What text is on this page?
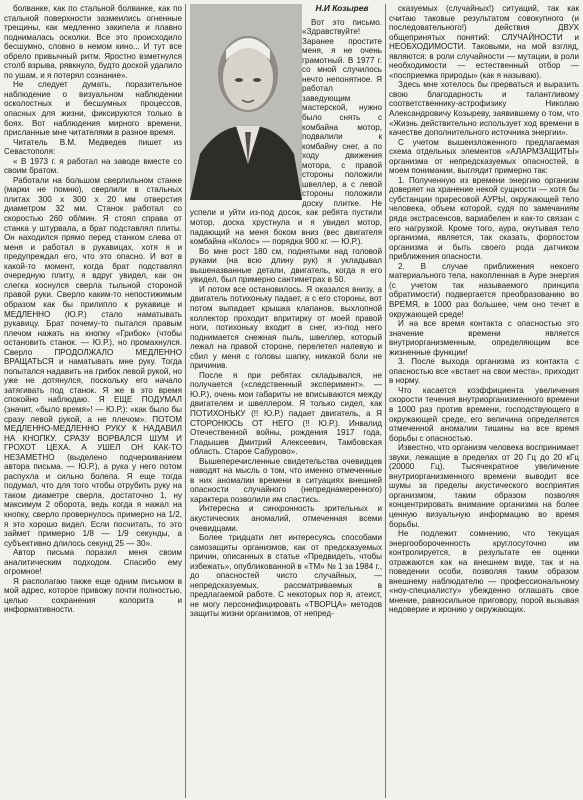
болванке, как по стальной болванке, как по стальной поверхности зазмеились огненные трещины, как медленно закипела и плавно поднималась осколки. Все это происходило бесшумно, словно в немом кино... И тут все обрело привычный ритм. Яростно взметнулся столб взрыва, рявкнуло, будто доской удалило по ушам, и я потерял сознание».

Не следует думать, поразительное наблюдение о визуальном наблюдении осколостных и бесшумных процессов, опасных для жизни, фиксируются только в боях. Вот наблюдения мирного времени, присланные мне читателями в разное время.

Читатель В.М. Медведев пишет из Севастополя:

« В 1973 г. я работал на заводе вместе со своим братом.

Работали на большом сверлильном станке (марки не помню), сверлили в стальных плитах 300 х 300 х 20 мм отверстия диаметром 32 мм. Станок работал со скоростью 260 об/мин. Я стоял справа от станка у штурвала, а брат подставлял плиты. Он находился прямо перед станком слева от меня и работал в рукавицах, хотя я и предупреждал его, что это опасно. И вот в какой-то момент, когда брат подставлял очередную плиту, я вдруг увидел, как он слегка коснулся сверла тыльной стороной правой руки. Сверло каким-то непостижимым образом как бы прилипло к рукавице и МЕДЛЕННО (Ю.Р.) стало наматывать рукавицу. Брат почему-то пытался правым плечом нажать на кнопку «Грибок» (чтобы остановить станок. — Ю.Р.), но промахнулся. Сверло ПРОДОЛЖАЛО МЕДЛЕННО ВРАЩАТЬСЯ и наматывать мне руку. Тогда попытался надавить на грибок левой рукой, но уже не дотянулся, поскольку его начало затягивать под станок. Я же в это время спокойно наблюдаю. Я ЕЩЕ ПОДУМАЛ (значит, «было время»! — Ю.Р.): «как было бы сразу левой рукой, а не плечом». ПОТОМ МЕДЛЕННО-МЕДЛЕННО РУКУ К НАДАВИЛ НА КНОПКУ. СРАЗУ ВОРВАЛСЯ ШУМ И ГРОХОТ ЦЕХА. А УШЕЛ ОН КАК-ТО НЕЗАМЕТНО (выделено подчеркиванием автора письма. — Ю.Р.), а рука у него потом распухла и сильно болела. Я еще тогда подумал, что для того чтобы отрубить руку на таком диаметре сверла, достаточно 1, ну максимум 2 оборота, ведь когда я нажал на кнопку, сверло провернулось примерно на 1/2, я это хорошо видел. Если посчитать, то это займет примерно 1/8 — 1/9 секунды, а субъективно длилось секунд 25 — 30».

Автор письма поразил меня своим аналитическим подходом. Спасибо ему огромное!

Я располагаю также еще одним письмом в мой адрес, которое привожу почти полностью, целью сохранения колорита и информативности.

Н.И Козырев

Вот это письмо. «Здравствуйте! Заранее простите меня, я не очень грамотный. В 1977 г. со мной случилось нечто непонятное. Я работал заведующим мастерской, нужно было снять с комбайна мотор, подвалили к комбайну снег, а по ходу движения мотора, с правой стороны положили швеллер, а с левой стороны положили доску плитке. Не успели и уйти из-под досок, как ребята пустили мотор, доска хрустнула и я увидел мотор, падающий на меня боком вниз (вес двигателя комбайна «Колос» — порядка 900 кг. — Ю.Р.).

Во мне рост 180 см, поднятыми над головой руками (на всю длину рук) я укладывал вышеназванные детали, двигатель, когда я его увидел, был примерно сантиметрах в 50.

И потом все остановилось. Я оказался внизу, а двигатель потихоньку падает, а с его стороны, вот потом выпадает крышка клапанов, выхлопной коллектор проходит впритирку от моей правой ноги, потихоньку входит в снег, из-под него поднимается снежная пыль, швеллер, который лежал на правой стороне, перелетел налевую и сбил у меня с головы шапку, никакой боли не причинив.

После я при ребятах складывался, не получается («следственный эксперимент». — Ю.Р.), очень мои габариты не вписываются между двигателем и швеллером. Я только сидел, как ПОТИХОНЬКУ (!! Ю.Р.) падает двигатель, а Я СТОРОНЮСЬ ОТ НЕГО (!! Ю.Р.). Инвалид Отечественной войны, рождения 1917 года, Гладышев Дмитрий Алексеевич, Тамбовская область. Старое Сабурово».

Вышеперечисленные свидетельства очевидцев наводят на мысль о том, что именно отмеченные в них аномалии времени в ситуациях внешней опасности случайного (непреднамеренного) характера позволили им спастись.

Интересна и синхронность зрительных и акустических аномалий, отмеченная всеми очевидцами.

Более тридцати лет интересуясь способами самозащиты организмов, как от предсказуемых причин, описанных в статье «Предвидеть, чтобы избежать», опубликованной в «ТМ» № 1 за 1984 г., до опасностей чисто случайных, — непредсказуемых, рассматриваемых в предлагаемой работе. С некоторых пор я, атеист, не могу персонифицировать «ТВОРЦА» методов защиты жизни организмов, от непред-

сказуемых (случайных!) ситуаций, так как считаю таковые результатом совокупного (и последовательного!) действия ДВУХ общепринятых понятий: СЛУЧАЙНОСТИ и НЕОБХОДИМОСТИ. Таковыми, на мой взгляд, являются: в роли случайности — мутации, в роли необходимости — естественный отбор — «посприемка природы» (как я называю).

Здесь мне хотелось бы прерваться и выразить свою благодарность и талантливому соответственнику-астрофизику Николаю Александровичу Козыреву, заявившему о том, что «Жизнь действительно использует ход времени в качестве дополнительного источника энергии».

С учетом вышеизложенного предлагаемая схема отдельных элементов «АЛАРМЗАЩИТЫ» организма от непредсказуемых опасностей, в моем понимании, выглядит примерно так:

1. Полученную из времени энергию организм доверяет на хранение некой сущности — хотя бы субстанции приресовой АУРЫ, окружающей тело человека, объем которой, судя по замечаниям ряда экстрасенсов, вариабелен и как-то связан с его нагрузкой. Кроме того, аура, окутывая тело организма, является, так сказать, форпостом организма и быть своего рода датчиком приближения опасности.

2. В случае приближения некоего материального тела, накопленная в Ауре энергия (с учетом так называемого принципа обратимости) подвергается преобразованию во ВРЕМЯ, в 1000 раз большее, чем оно течет в окружающей среде!

И на все время контакта с опасностью это значение времени является внутриорганизменным, определяющим все жизненные функции!

3. После выхода организма из контакта с опасностью все «встает на свои места», приходит в норму.

Что касается коэффициента увеличения скорости течения внутриорганизменного времени в 1000 раз против времени, господствующего в окружающей среде, его величина определяется отмеченной аномалии тишины на все время борьбы с опасностью.

Известно, что организм человека воспринимает звуки, лежащие в пределах от 20 Гц до 20 кГц (20000 Гц). Тысячекратное увеличение внутриорганизменного времени выводит все шумы за пределы акустического восприятия организмом, таким образом позволяя концентрировать внимание организма на более ценную визуальную информацию во время борьбы.

Не подлежит сомнению, что текущая энергообороченность круглосуточно им контролируется, в результате ее оценки отражаются как на внешнем виде, так и на поведении особи, позволяя таким образом внешнему наблюдателю — профессиональному «ноу-специалисту» убежденно оглашать свое мнение, равносильное приговору, порой вызывая недоверие и иронию у окружающих.
